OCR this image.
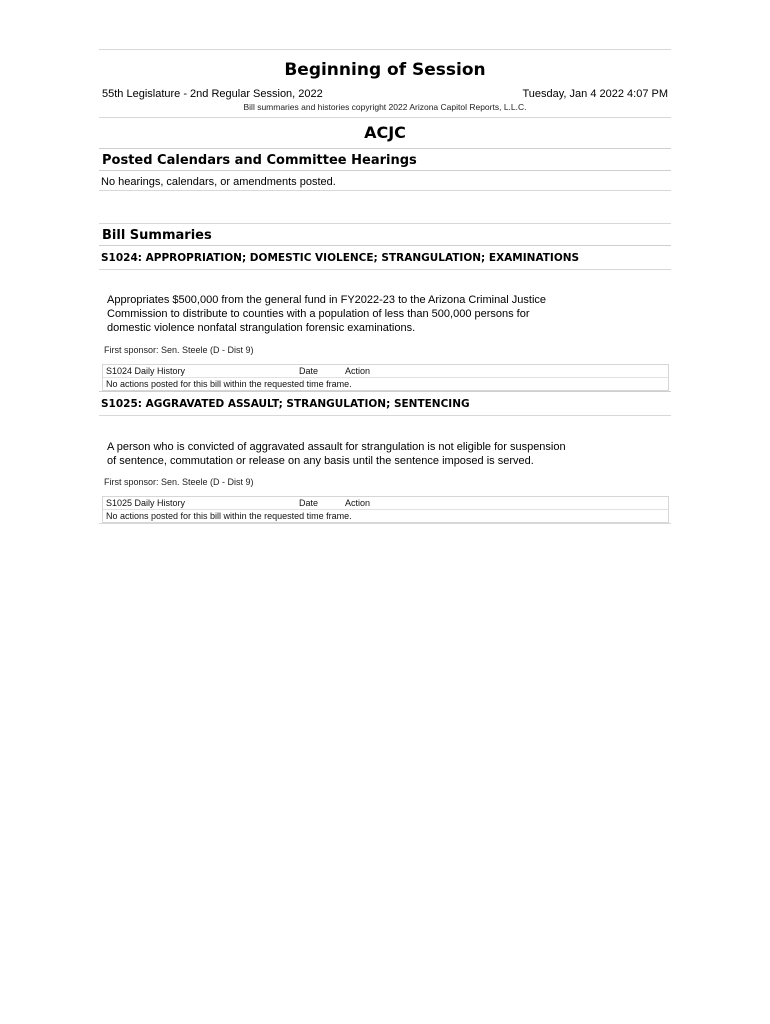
Beginning of Session
55th Legislature - 2nd Regular Session, 2022	Tuesday, Jan 4 2022 4:07 PM
Bill summaries and histories copyright 2022 Arizona Capitol Reports, L.L.C.
ACJC
Posted Calendars and Committee Hearings
No hearings, calendars, or amendments posted.
Bill Summaries
S1024: APPROPRIATION; DOMESTIC VIOLENCE; STRANGULATION; EXAMINATIONS
Appropriates $500,000 from the general fund in FY2022-23 to the Arizona Criminal Justice Commission to distribute to counties with a population of less than 500,000 persons for domestic violence nonfatal strangulation forensic examinations.
First sponsor: Sen. Steele (D - Dist 9)
S1024 Daily History	Date	Action
No actions posted for this bill within the requested time frame.
S1025: AGGRAVATED ASSAULT; STRANGULATION; SENTENCING
A person who is convicted of aggravated assault for strangulation is not eligible for suspension of sentence, commutation or release on any basis until the sentence imposed is served.
First sponsor: Sen. Steele (D - Dist 9)
S1025 Daily History	Date	Action
No actions posted for this bill within the requested time frame.
